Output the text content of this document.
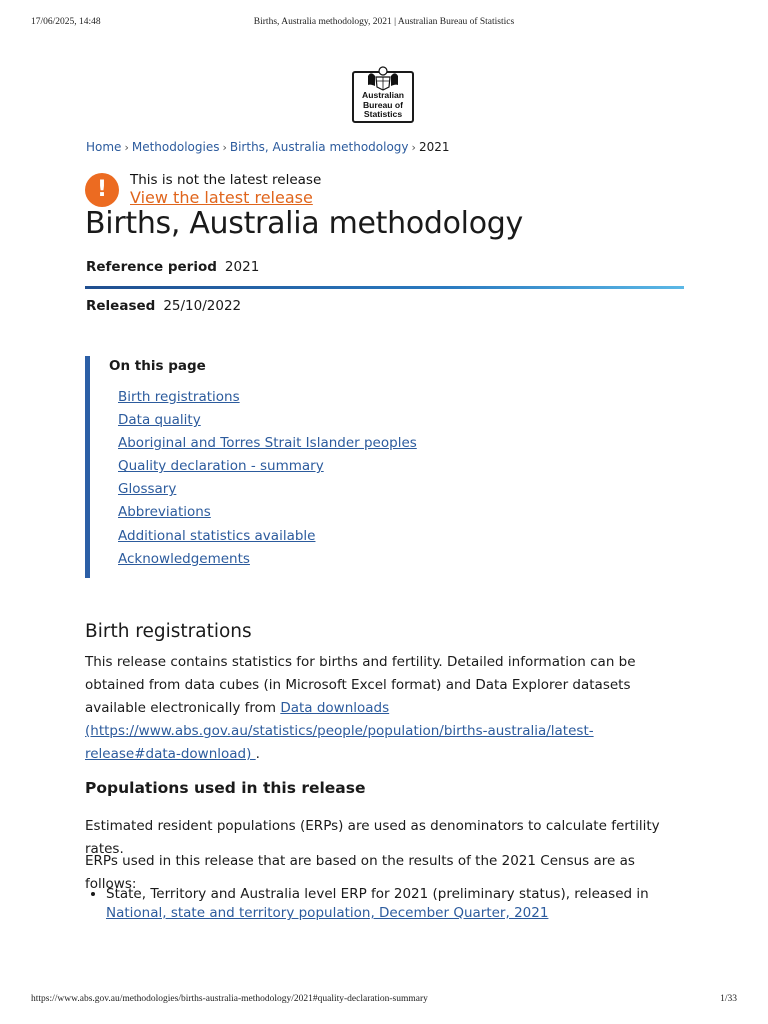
17/06/2025, 14:48	Births, Australia methodology, 2021 | Australian Bureau of Statistics
Australian
Bureau of
Statistics
Home › Methodologies › Births, Australia methodology › 2021
!	This is not the latest release
View the latest release
Births, Australia methodology
Reference period 2021
Released 25/10/2022
On this page
Birth registrations
Data quality
Aboriginal and Torres Strait Islander peoples
Quality declaration - summary
Glossary
Abbreviations
Additional statistics available
Acknowledgements
Birth registrations

This release contains statistics for births and fertility. Detailed information can be obtained from data cubes (in Microsoft Excel format) and Data Explorer datasets available electronically from Data downloads (https://www.abs.gov.au/statistics/people/population/births-australia/latest-release#data-download) .

Populations used in this release

Estimated resident populations (ERPs) are used as denominators to calculate fertility rates.

ERPs used in this release that are based on the results of the 2021 Census are as follows:

• State, Territory and Australia level ERP for 2021 (preliminary status), released in National, state and territory population, December Quarter, 2021
https://www.abs.gov.au/methodologies/births-australia-methodology/2021#quality-declaration-summary	1/33
